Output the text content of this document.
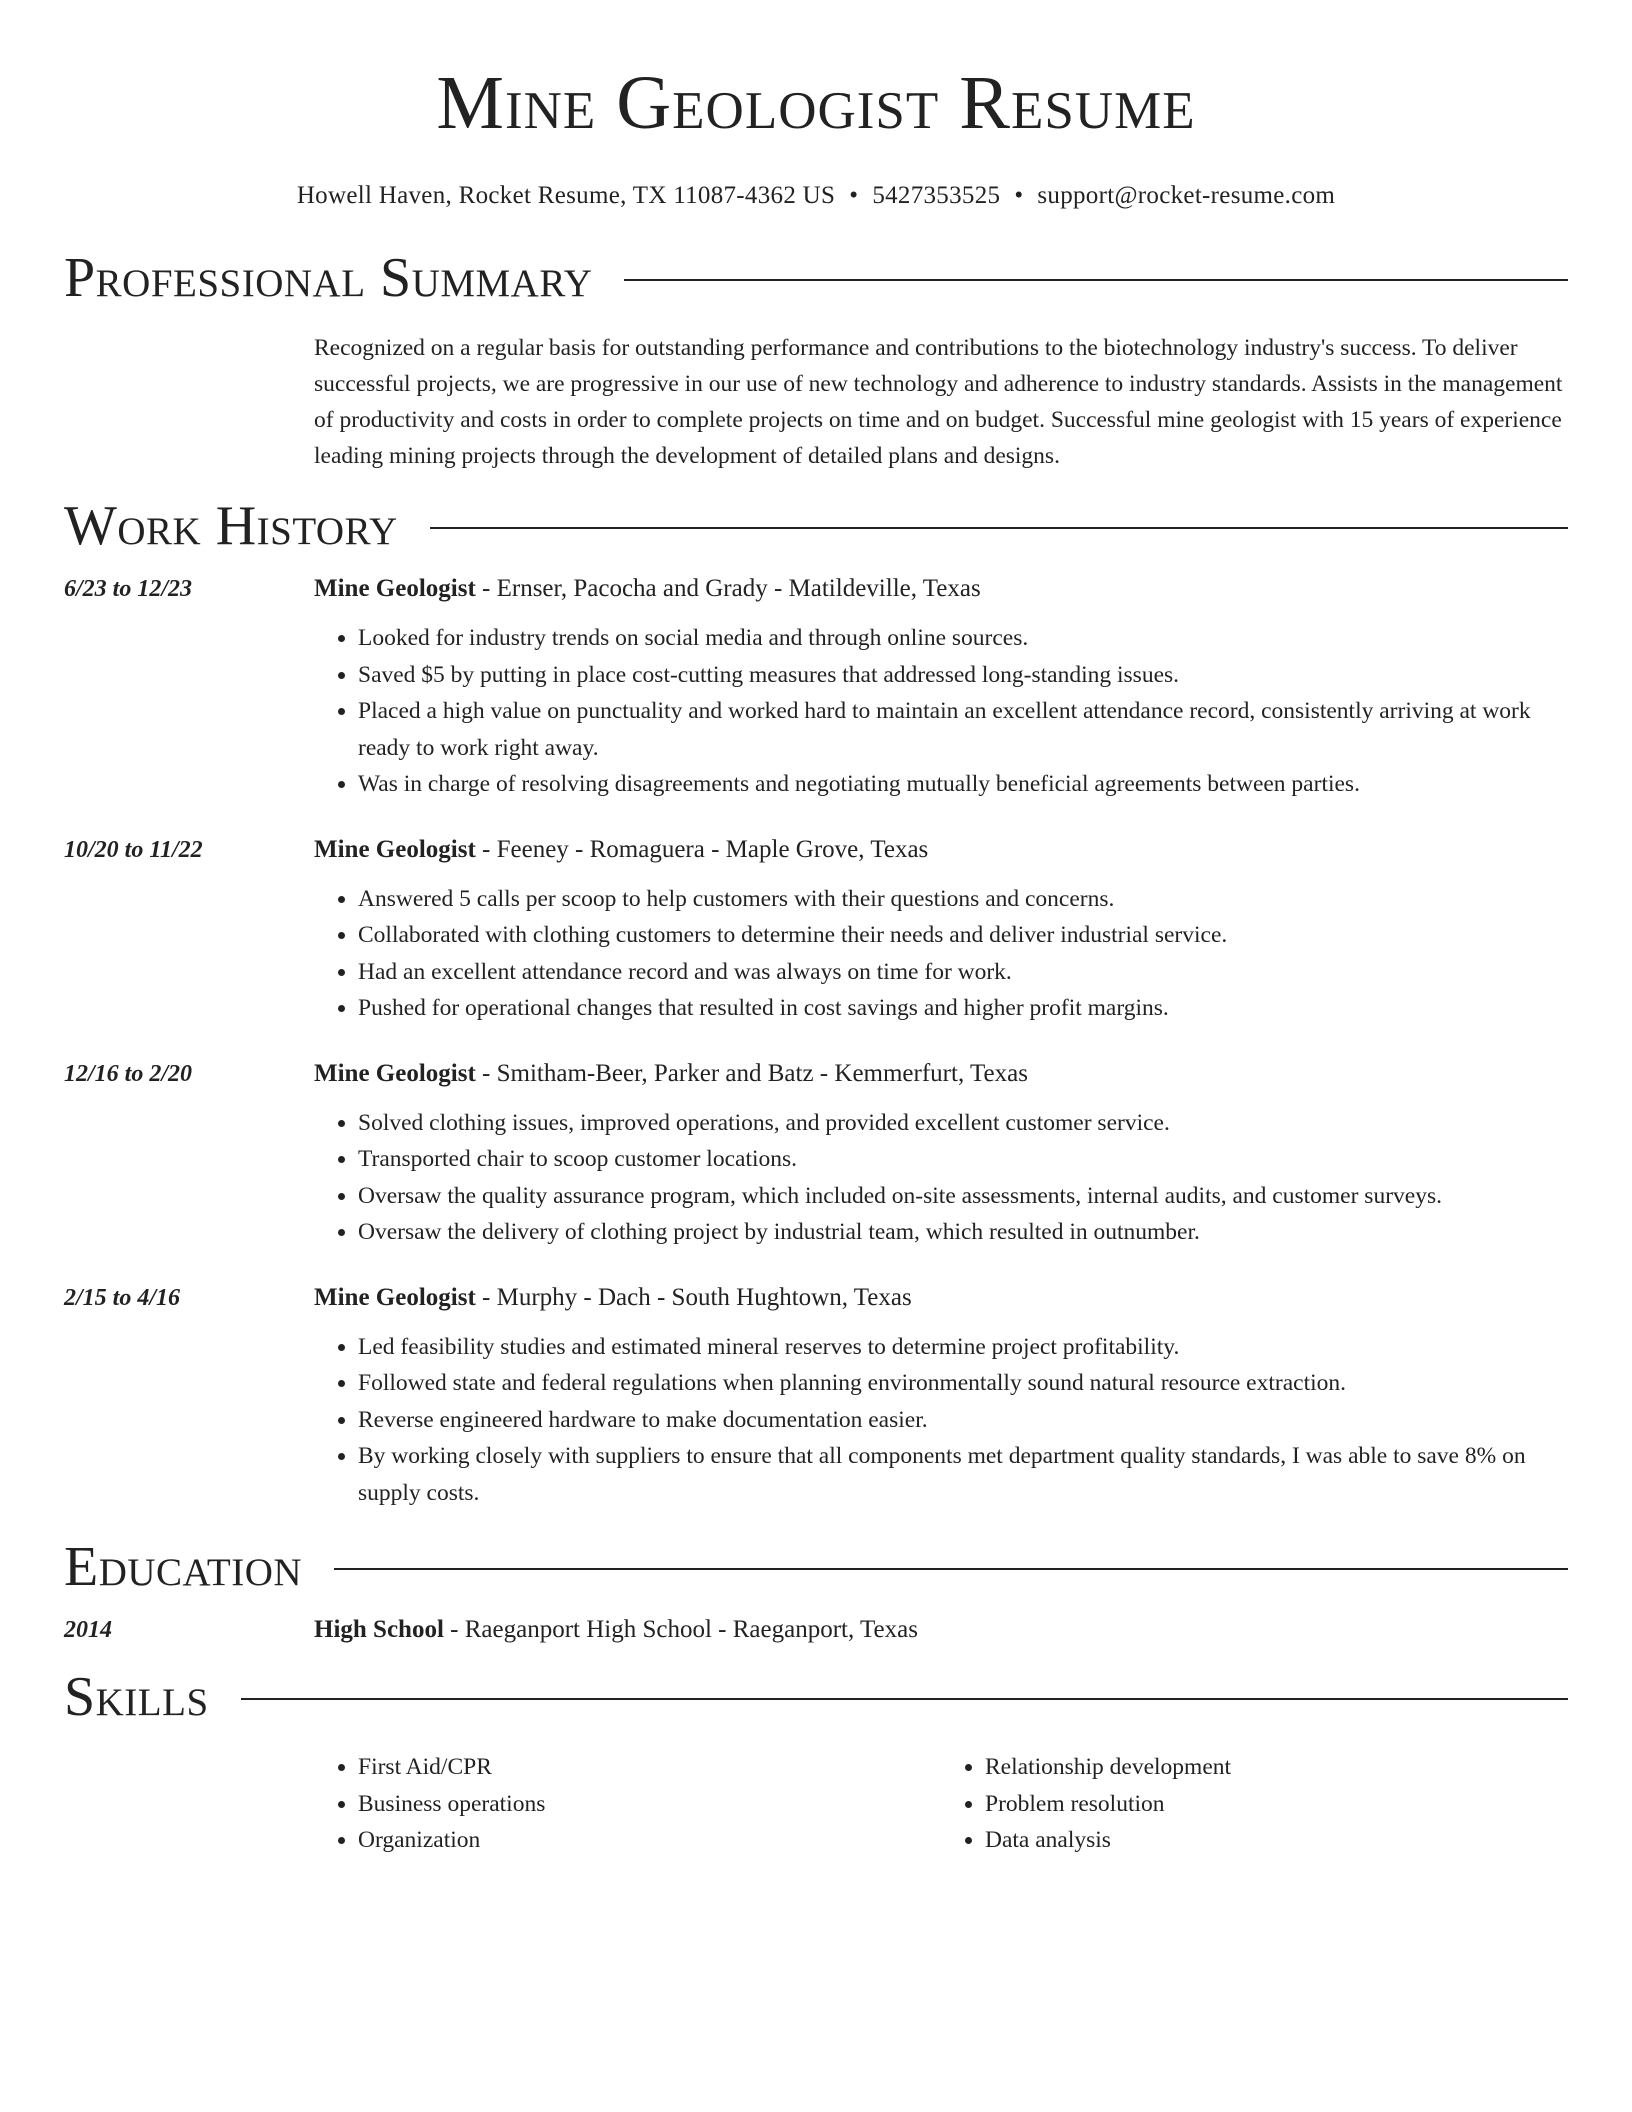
Mine Geologist Resume
Howell Haven, Rocket Resume, TX 11087-4362 US • 5427353525 • support@rocket-resume.com
Professional Summary
Recognized on a regular basis for outstanding performance and contributions to the biotechnology industry's success. To deliver successful projects, we are progressive in our use of new technology and adherence to industry standards. Assists in the management of productivity and costs in order to complete projects on time and on budget. Successful mine geologist with 15 years of experience leading mining projects through the development of detailed plans and designs.
Work History
6/23 to 12/23	Mine Geologist - Ernser, Pacocha and Grady - Matildeville, Texas
• Looked for industry trends on social media and through online sources.
• Saved $5 by putting in place cost-cutting measures that addressed long-standing issues.
• Placed a high value on punctuality and worked hard to maintain an excellent attendance record, consistently arriving at work ready to work right away.
• Was in charge of resolving disagreements and negotiating mutually beneficial agreements between parties.
10/20 to 11/22	Mine Geologist - Feeney - Romaguera - Maple Grove, Texas
• Answered 5 calls per scoop to help customers with their questions and concerns.
• Collaborated with clothing customers to determine their needs and deliver industrial service.
• Had an excellent attendance record and was always on time for work.
• Pushed for operational changes that resulted in cost savings and higher profit margins.
12/16 to 2/20	Mine Geologist - Smitham-Beer, Parker and Batz - Kemmerfurt, Texas
• Solved clothing issues, improved operations, and provided excellent customer service.
• Transported chair to scoop customer locations.
• Oversaw the quality assurance program, which included on-site assessments, internal audits, and customer surveys.
• Oversaw the delivery of clothing project by industrial team, which resulted in outnumber.
2/15 to 4/16	Mine Geologist - Murphy - Dach - South Hughtown, Texas
• Led feasibility studies and estimated mineral reserves to determine project profitability.
• Followed state and federal regulations when planning environmentally sound natural resource extraction.
• Reverse engineered hardware to make documentation easier.
• By working closely with suppliers to ensure that all components met department quality standards, I was able to save 8% on supply costs.
Education
2014	High School - Raeganport High School - Raeganport, Texas
Skills
• First Aid/CPR
• Business operations
• Organization
• Relationship development
• Problem resolution
• Data analysis
